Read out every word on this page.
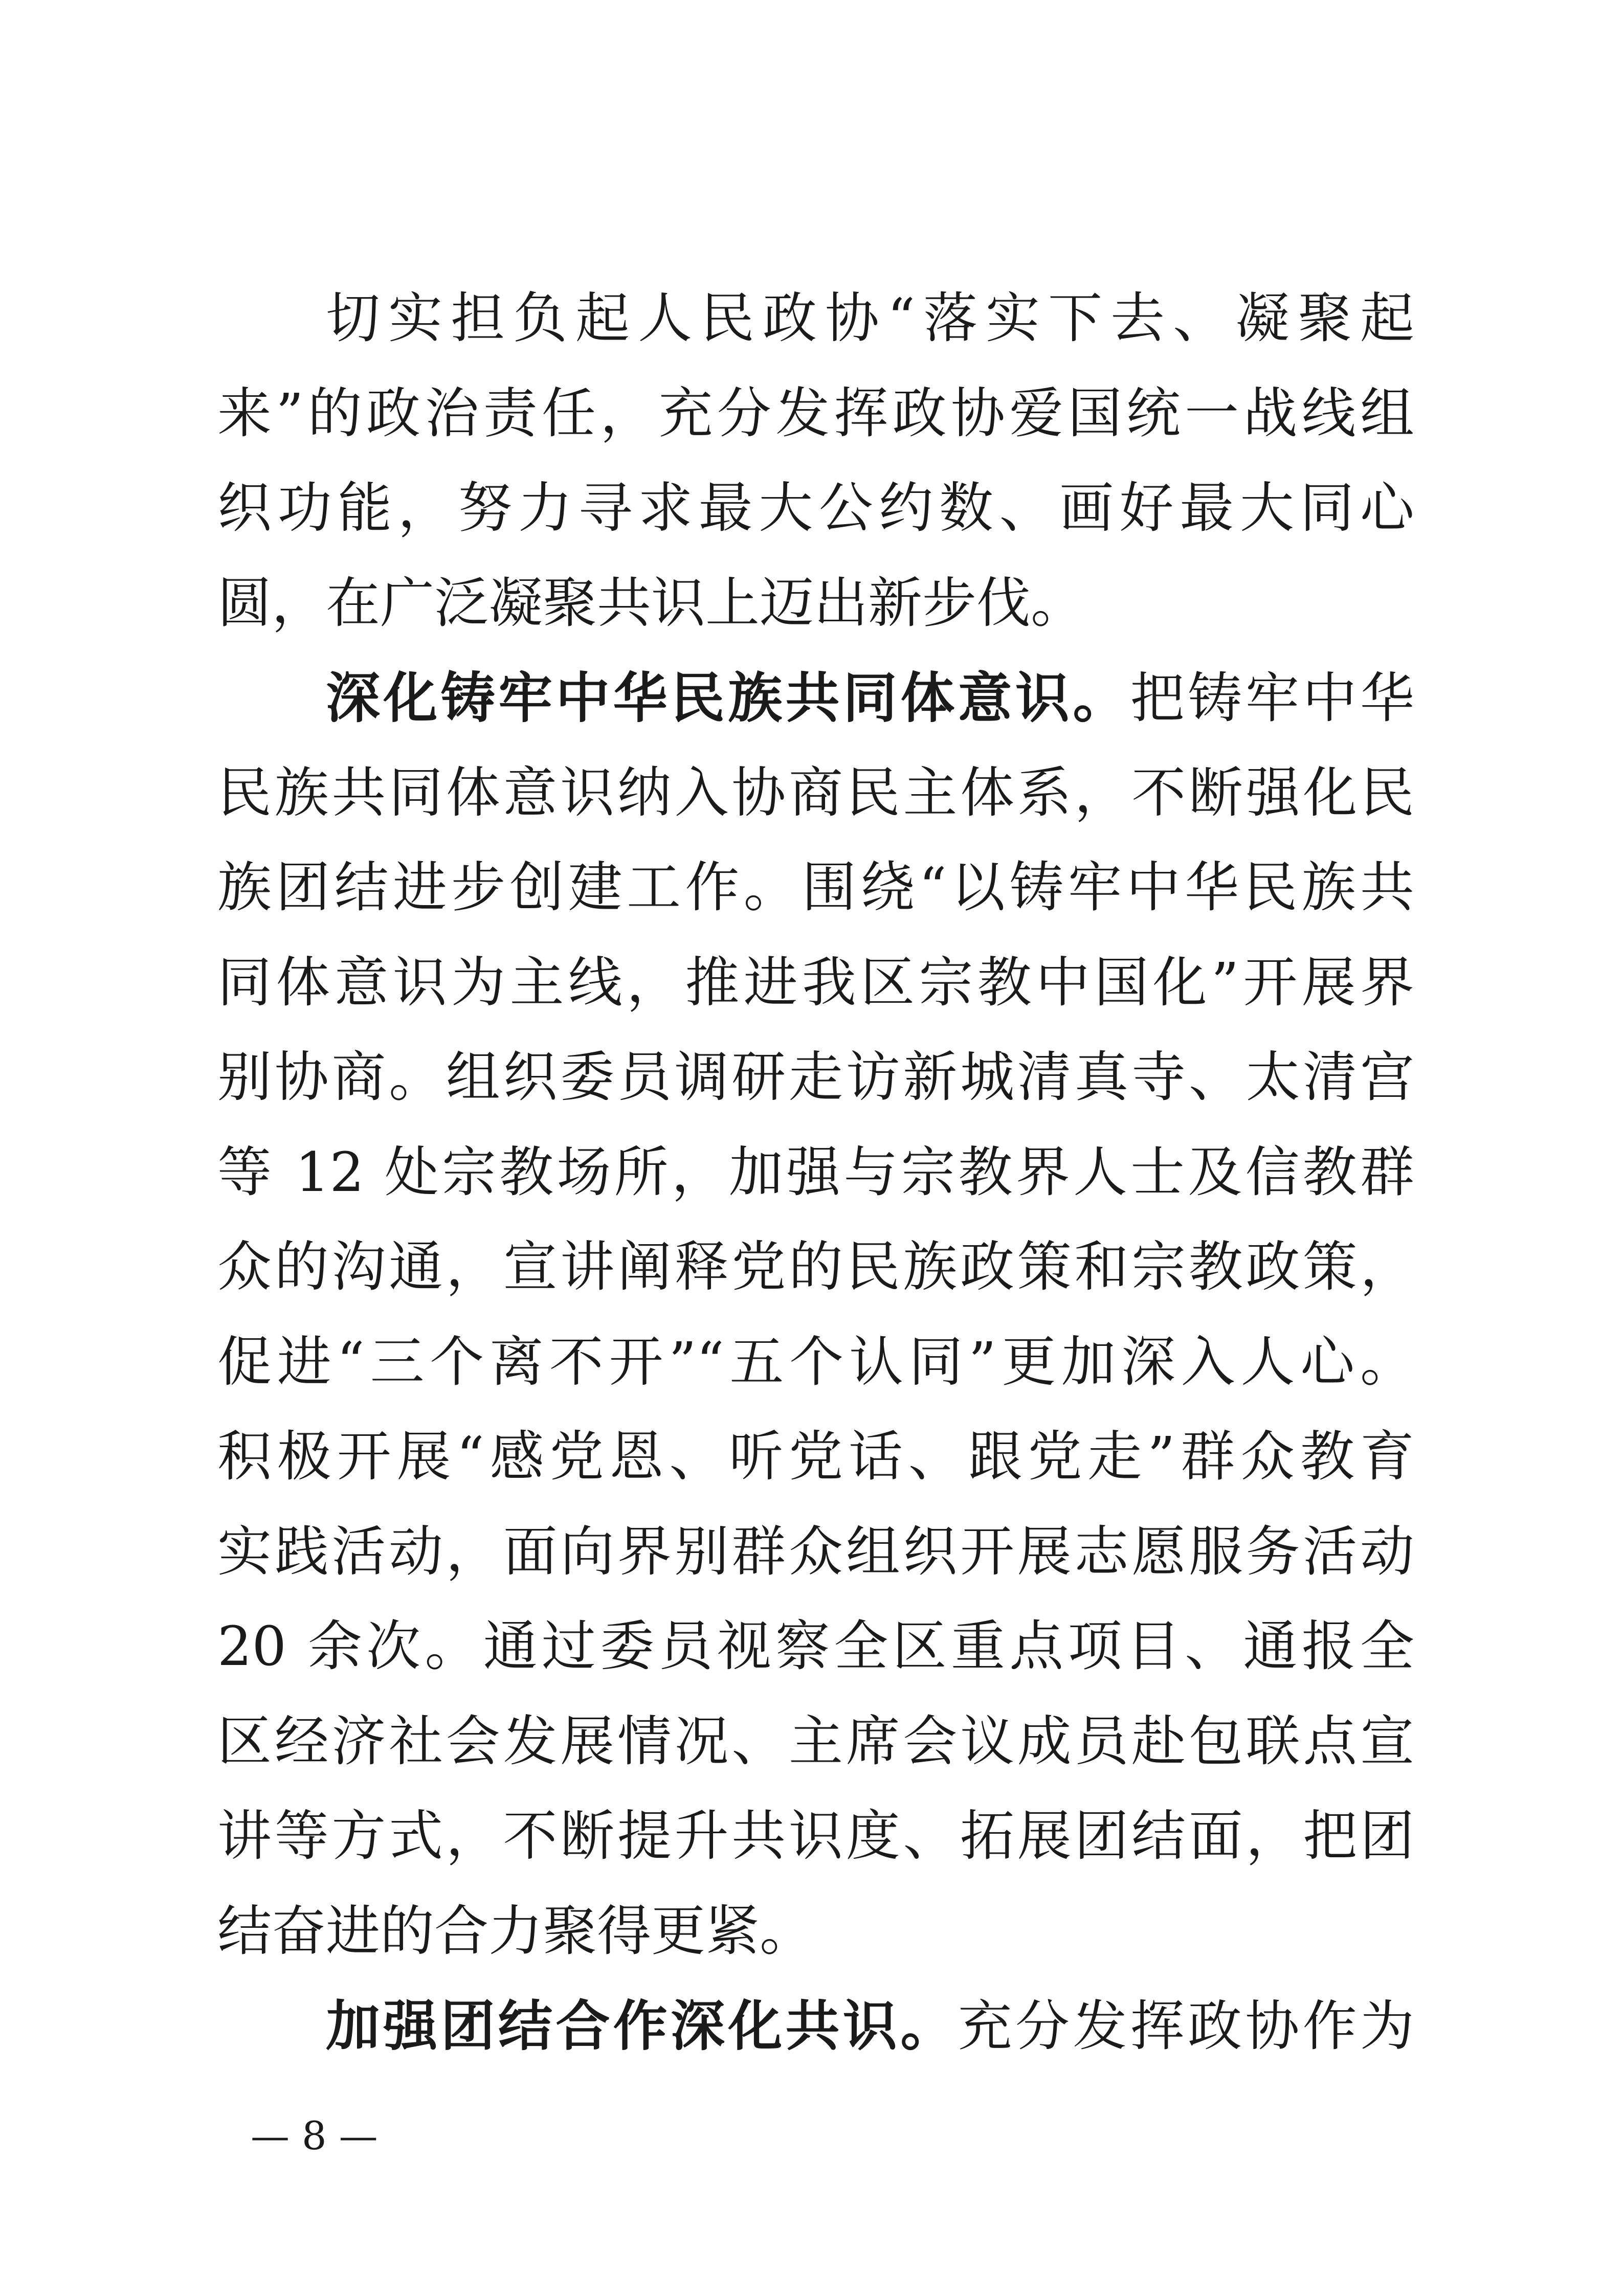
切实担负起人民政协“落实下去、凝聚起
来”的政治责任，充分发挥政协爱国统一战线组
织功能，努力寻求最大公约数、画好最大同心
圆，在广泛凝聚共识上迈出新步伐。
深化铸牢中华民族共同体意识。把铸牢中华
民族共同体意识纳入协商民主体系，不断强化民
族团结进步创建工作。围绕“以铸牢中华民族共
同体意识为主线，推进我区宗教中国化”开展界
别协商。组织委员调研走访新城清真寺、太清宫
等 12 处宗教场所，加强与宗教界人士及信教群
众的沟通，宣讲阐释党的民族政策和宗教政策，
促进“三个离不开”“五个认同”更加深入人心。
积极开展“感党恩、听党话、跟党走”群众教育
实践活动，面向界别群众组织开展志愿服务活动
20 余次。通过委员视察全区重点项目、通报全
区经济社会发展情况、主席会议成员赴包联点宣
讲等方式，不断提升共识度、拓展团结面，把团
结奋进的合力聚得更紧。
加强团结合作深化共识。充分发挥政协作为
— 8 —
